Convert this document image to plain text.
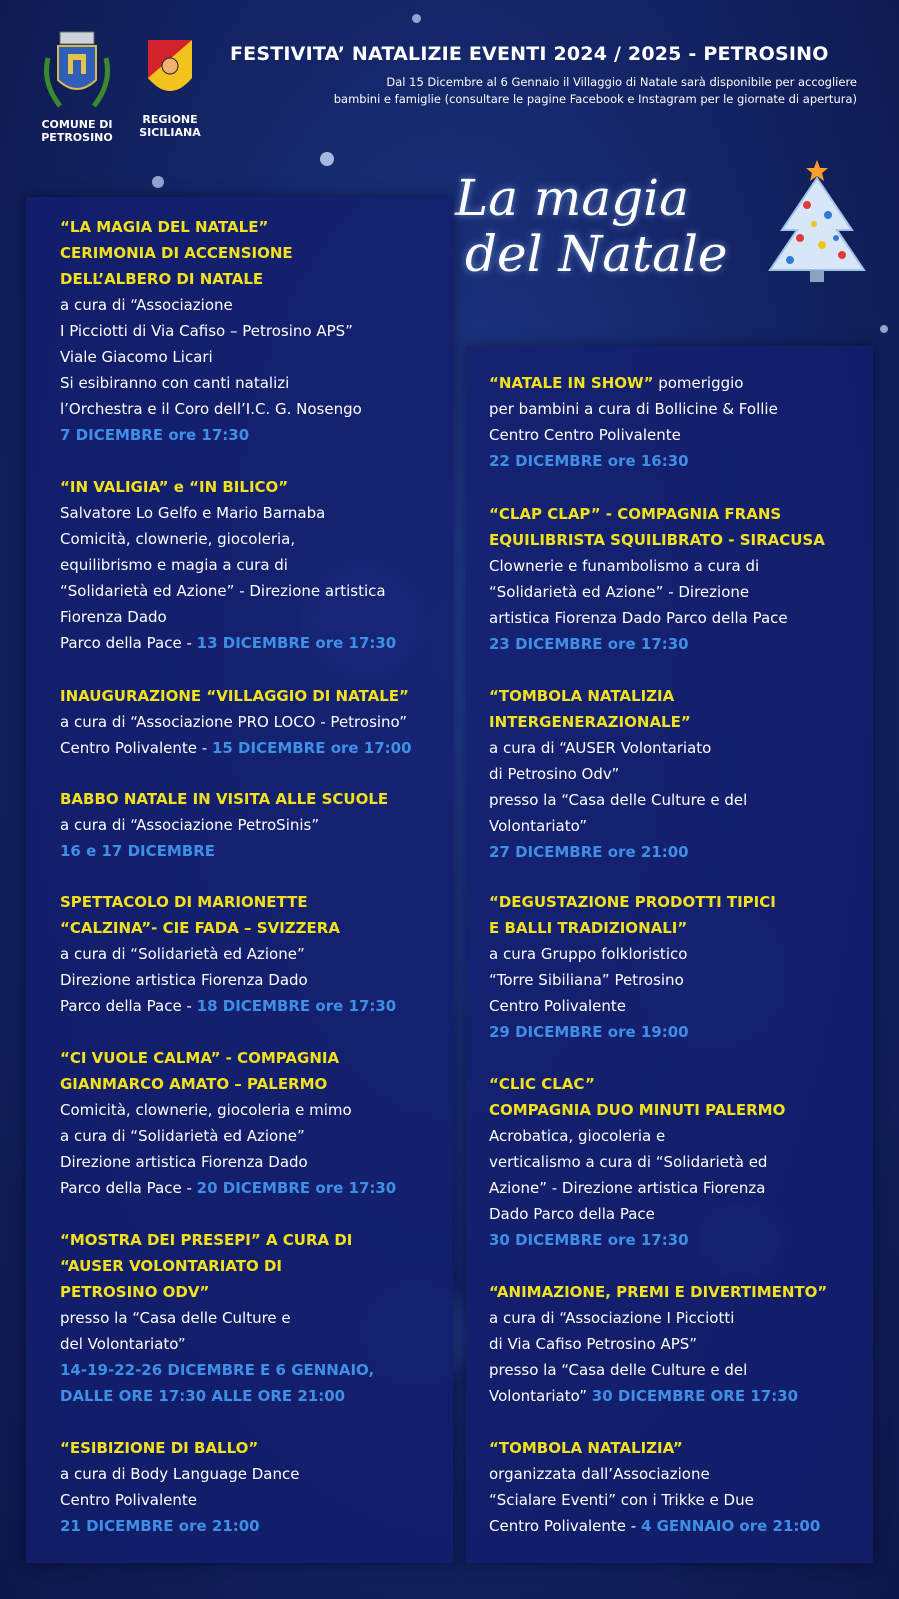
COMUNE DI
PETROSINO
REGIONE
SICILIANA
FESTIVITA’ NATALIZIE EVENTI 2024 / 2025 - PETROSINO
Dal 15 Dicembre al 6 Gennaio il Villaggio di Natale sarà disponibile per accogliere
bambini e famiglie (consultare le pagine Facebook e Instagram per le giornate di apertura)
La magia
del Natale
“LA MAGIA DEL NATALE”
CERIMONIA DI ACCENSIONE
DELL’ALBERO DI NATALE
a cura di “Associazione
I Picciotti di Via Cafiso – Petrosino APS”
Viale Giacomo Licari
Si esibiranno con canti natalizi
l’Orchestra e il Coro dell’I.C. G. Nosengo
7 DICEMBRE ore 17:30
“IN VALIGIA” e “IN BILICO”
Salvatore Lo Gelfo e Mario Barnaba
Comicità, clownerie, giocoleria,
equilibrismo e magia a cura di
“Solidarietà ed Azione” - Direzione artistica
Fiorenza Dado
Parco della Pace - 13 DICEMBRE ore 17:30
INAUGURAZIONE “VILLAGGIO DI NATALE”
a cura di “Associazione PRO LOCO - Petrosino”
Centro Polivalente - 15 DICEMBRE ore 17:00
BABBO NATALE IN VISITA ALLE SCUOLE
a cura di “Associazione PetroSinis”
16 e 17 DICEMBRE
SPETTACOLO DI MARIONETTE
“CALZINA”- CIE FADA – SVIZZERA
a cura di “Solidarietà ed Azione”
Direzione artistica Fiorenza Dado
Parco della Pace - 18 DICEMBRE ore 17:30
“CI VUOLE CALMA” - COMPAGNIA
GIANMARCO AMATO – PALERMO
Comicità, clownerie, giocoleria e mimo
a cura di “Solidarietà ed Azione”
Direzione artistica Fiorenza Dado
Parco della Pace - 20 DICEMBRE ore 17:30
“MOSTRA DEI PRESEPI” A CURA DI
“AUSER VOLONTARIATO DI
PETROSINO ODV”
presso la “Casa delle Culture e
del Volontariato”
14-19-22-26 DICEMBRE E 6 GENNAIO,
DALLE ORE 17:30 ALLE ORE 21:00
“ESIBIZIONE DI BALLO”
a cura di Body Language Dance
Centro Polivalente
21 DICEMBRE ore 21:00
“NATALE IN SHOW” pomeriggio
per bambini a cura di Bollicine & Follie
Centro Centro Polivalente
22 DICEMBRE ore 16:30
“CLAP CLAP” - COMPAGNIA FRANS
EQUILIBRISTA SQUILIBRATO - SIRACUSA
Clownerie e funambolismo a cura di
“Solidarietà ed Azione” - Direzione
artistica Fiorenza Dado Parco della Pace
23 DICEMBRE ore 17:30
“TOMBOLA NATALIZIA
INTERGENERAZIONALE”
a cura di “AUSER Volontariato
di Petrosino Odv”
presso la “Casa delle Culture e del
Volontariato”
27 DICEMBRE ore 21:00
“DEGUSTAZIONE PRODOTTI TIPICI
E BALLI TRADIZIONALI”
a cura Gruppo folkloristico
“Torre Sibiliana” Petrosino
Centro Polivalente
29 DICEMBRE ore 19:00
“CLIC CLAC”
COMPAGNIA DUO MINUTI PALERMO
Acrobatica, giocoleria e
verticalismo a cura di “Solidarietà ed
Azione” - Direzione artistica Fiorenza
Dado Parco della Pace
30 DICEMBRE ore 17:30
“ANIMAZIONE, PREMI E DIVERTIMENTO”
a cura di “Associazione I Picciotti
di Via Cafiso Petrosino APS”
presso la “Casa delle Culture e del
Volontariato” 30 DICEMBRE ORE 17:30
“TOMBOLA NATALIZIA”
organizzata dall’Associazione
“Scialare Eventi” con i Trikke e Due
Centro Polivalente - 4 GENNAIO ore 21:00
